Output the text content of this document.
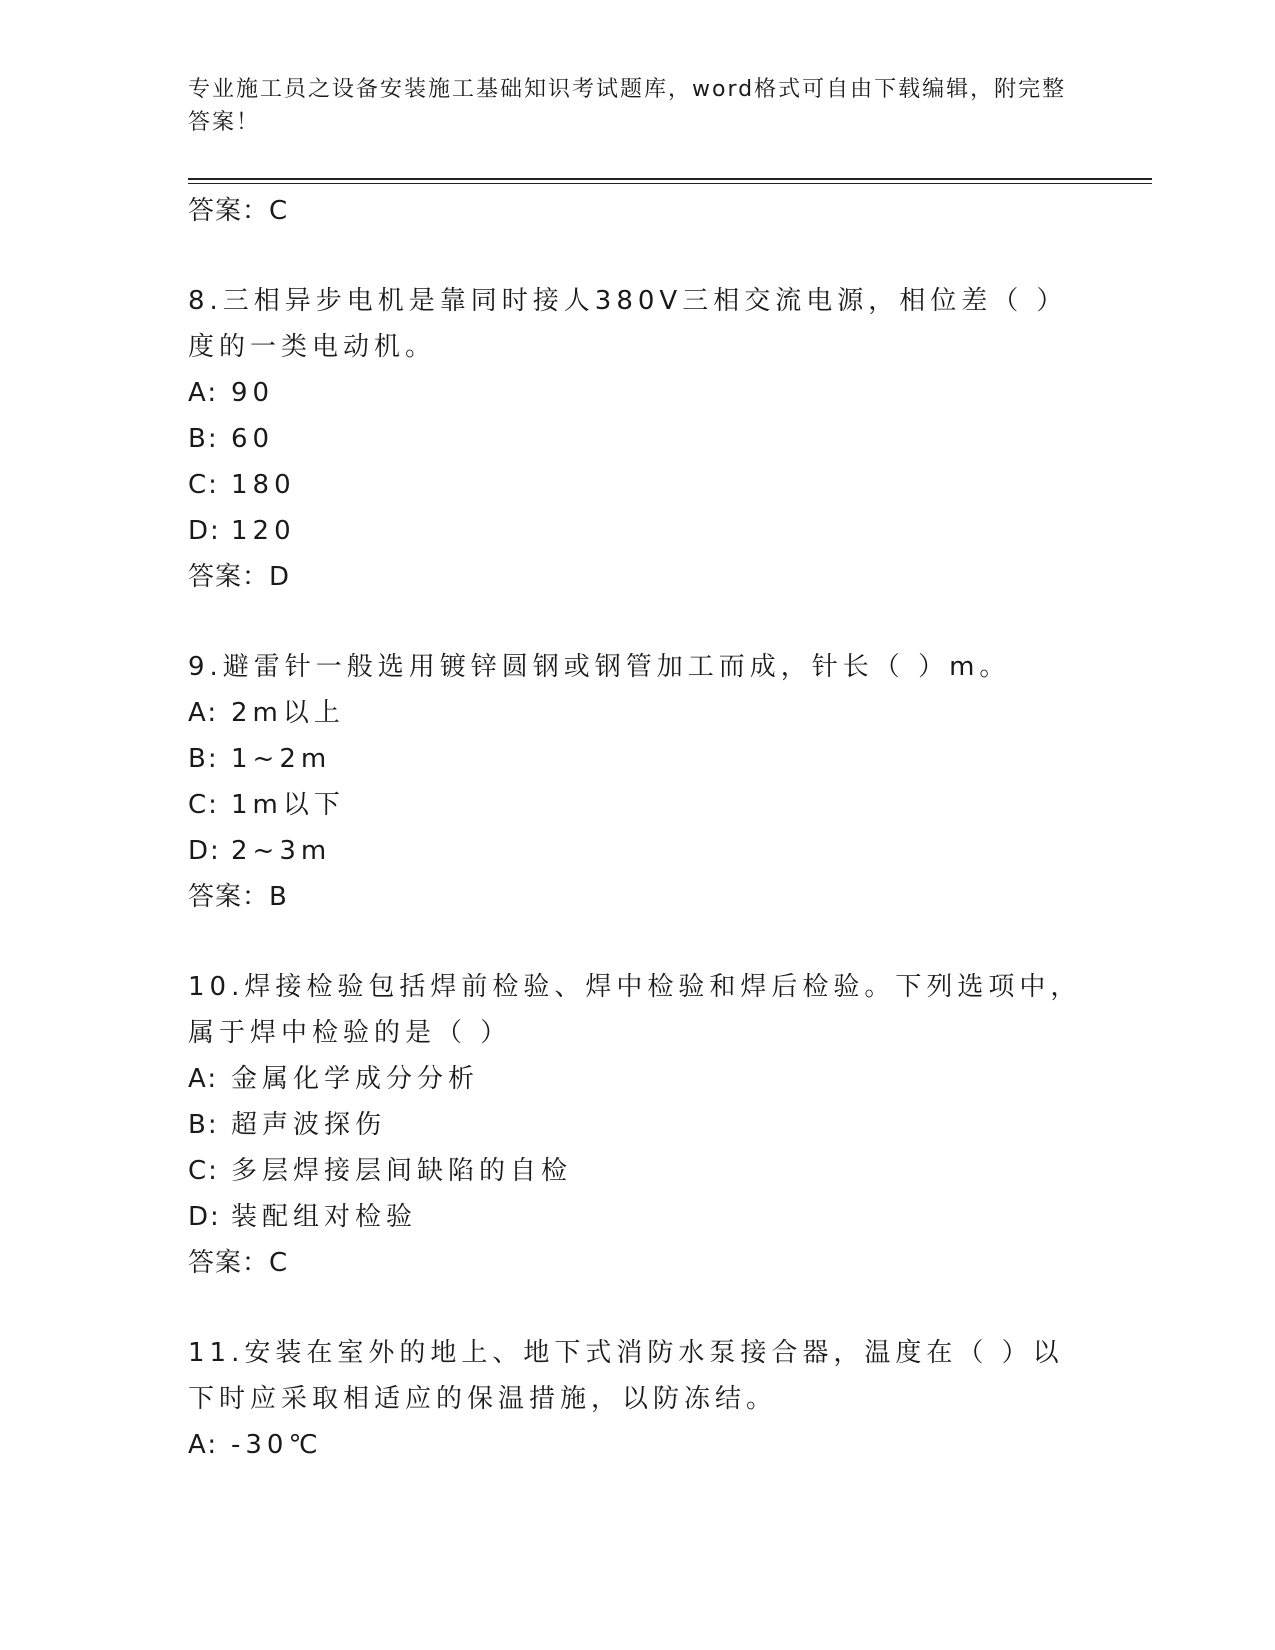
专业施工员之设备安装施工基础知识考试题库，word格式可自由下载编辑，附完整答案！
答案：C
8.三相异步电机是靠同时接人380V三相交流电源，相位差（ ）度的一类电动机。
A: 90
B: 60
C: 180
D: 120
答案：D
9.避雷针一般选用镀锌圆钢或钢管加工而成，针长（ ）m。
A: 2m以上
B: 1~2m
C: 1m以下
D: 2~3m
答案：B
10.焊接检验包括焊前检验、焊中检验和焊后检验。下列选项中，属于焊中检验的是（ ）
A: 金属化学成分分析
B: 超声波探伤
C: 多层焊接层间缺陷的自检
D: 装配组对检验
答案：C
11.安装在室外的地上、地下式消防水泵接合器，温度在（ ）以下时应采取相适应的保温措施，以防冻结。
A: -30℃
